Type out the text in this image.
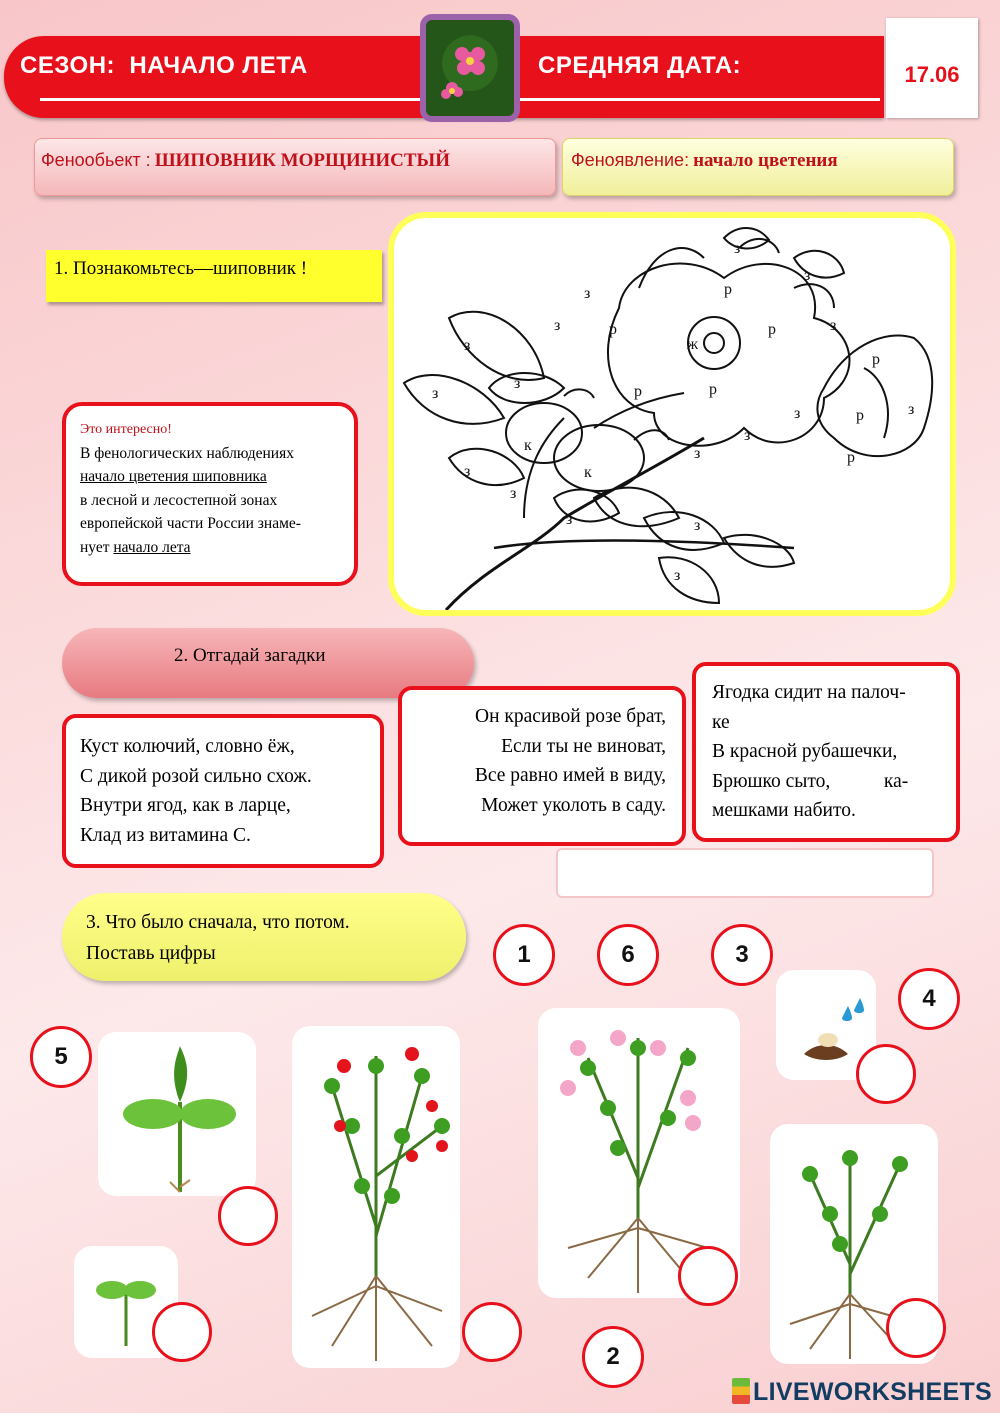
СЕЗОН: НАЧАЛО ЛЕТА	СРЕДНЯЯ ДАТА:	17.06
Фенообьект : ШИПОВНИК МОРЩИНИСТЫЙ	Феноявление: начало цветения
1. Познакомьтесь—шиповник !
з
з
з
з
з
з
з
з
з
з
з
з	з
з
з
з
з
р
р	р
р	р
р
р
р
ж
к
к
Это интересно!
В фенологических наблюдениях
начало цветения шиповника
в лесной и лесостепной зонах
европейской части России знаме-
нует начало лета
2. Отгадай загадки
Куст колючий, словно ёж,
С дикой розой сильно схож.
Внутри ягод, как в ларце,
Клад из витамина С.
Он красивой розе брат,
Если ты не виноват,
Все равно имей в виду,
Может уколоть в саду.
Ягодка сидит на палоч-
ке
В красной рубашечки,
Брюшко сыто,           ка-
мешками набито.
3. Что было сначала, что потом.
Поставь цифры	1	6	3
4
5
2
LIVEWORKSHEETS
